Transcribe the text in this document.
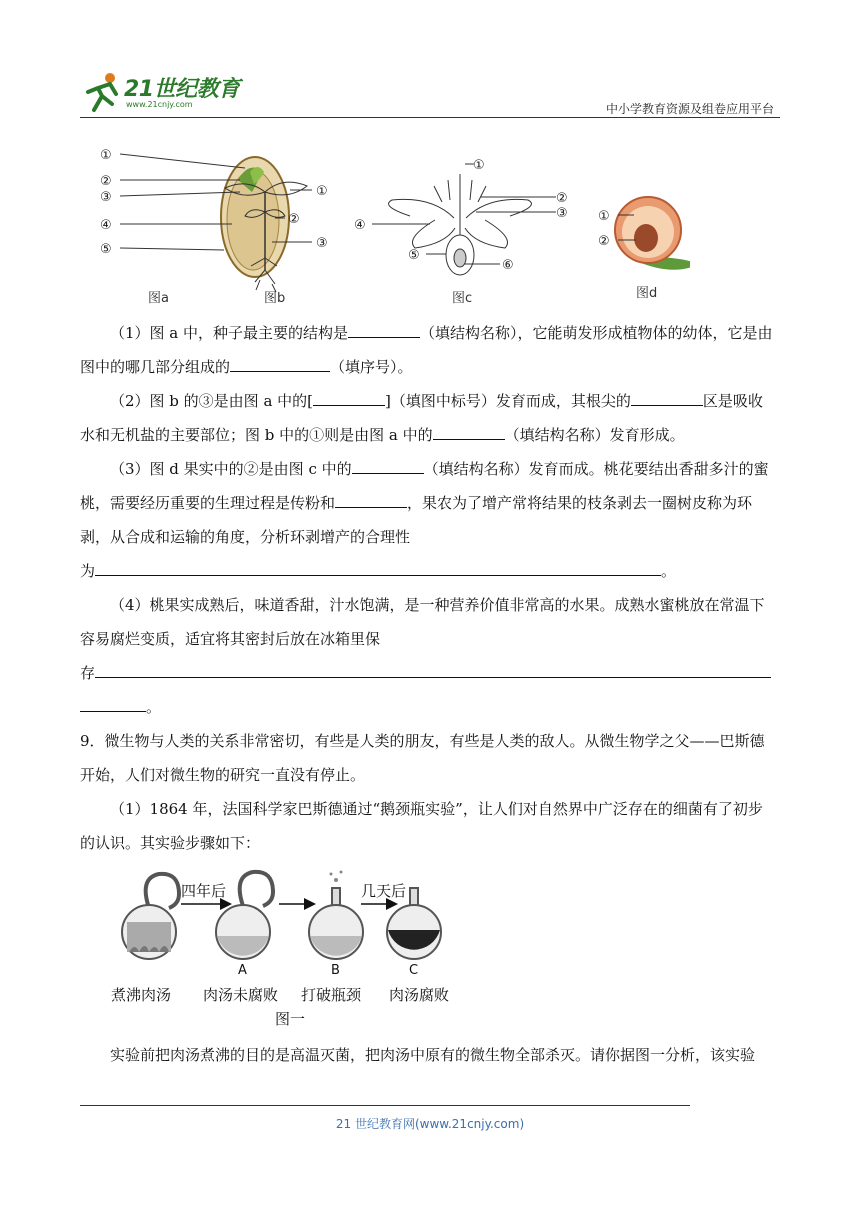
21世纪教育
www.21cnjy.com	中小学教育资源及组卷应用平台
①
②
③
④
⑤
图a
①
②
③
图b
①
②
③
④
⑤
⑥
图c
①
②
图d
（1）图 a 中，种子最主要的结构是	（填结构名称），它能萌发形成植物体的幼体，它是由图中的哪几部分组成的	（填序号）。
（2）图 b 的③是由图 a 中的[	]（填图中标号）发育而成，其根尖的	区是吸收水和无机盐的主要部位；图 b 中的①则是由图 a 中的	（填结构名称）发育形成。
（3）图 d 果实中的②是由图 c 中的	（填结构名称）发育而成。桃花要结出香甜多汁的蜜桃，需要经历重要的生理过程是传粉和	，果农为了增产常将结果的枝条剥去一圈树皮称为环剥，从合成和运输的角度，分析环剥增产的合理性
为	。
（4）桃果实成熟后，味道香甜，汁水饱满，是一种营养价值非常高的水果。成熟水蜜桃放在常温下容易腐烂变质，适宜将其密封后放在冰箱里保
存
。
9．微生物与人类的关系非常密切，有些是人类的朋友，有些是人类的敌人。从微生物学之父——巴斯德开始，人们对微生物的研究一直没有停止。
（1）1864 年，法国科学家巴斯德通过“鹅颈瓶实验”，让人们对自然界中广泛存在的细菌有了初步的认识。其实验步骤如下：
四年后
A	B
几天后
C
煮沸肉汤 肉汤未腐败 打破瓶颈 肉汤腐败
图一
实验前把肉汤煮沸的目的是高温灭菌，把肉汤中原有的微生物全部杀灭。请你据图一分析，该实验
21 世纪教育网(www.21cnjy.com)
